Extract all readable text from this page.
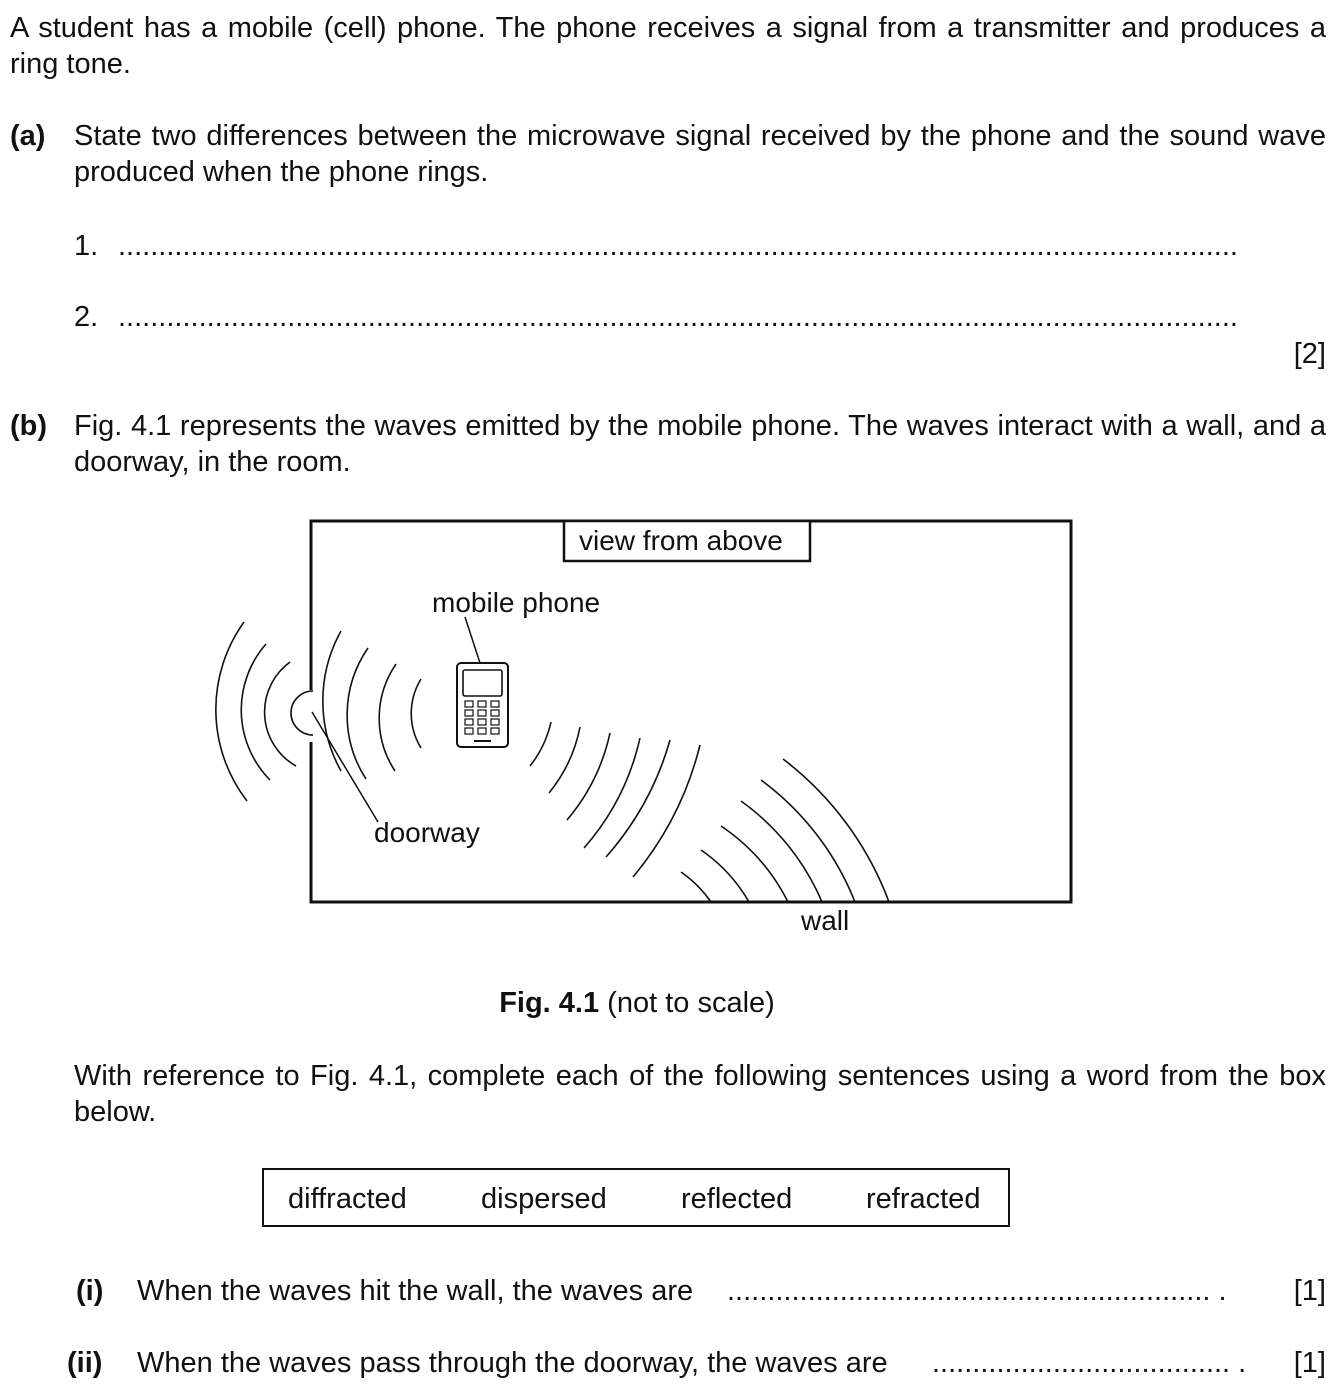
A student has a mobile (cell) phone. The phone receives a signal from a transmitter and produces a ring tone.
(a) State two differences between the microwave signal received by the phone and the sound wave produced when the phone rings.
1. ...........................................................................................................................................
2. ...........................................................................................................................................
[2]
(b) Fig. 4.1 represents the waves emitted by the mobile phone. The waves interact with a wall, and a doorway, in the room.
view from above
mobile phone
doorway
wall
Fig. 4.1 (not to scale)
With reference to Fig. 4.1, complete each of the following sentences using a word from the box below.
diffracted	dispersed	reflected	refracted
(i) When the waves hit the wall, the waves are ............................................................ .	[1]
(ii) When the waves pass through the doorway, the waves are ..................................... .	[1]
